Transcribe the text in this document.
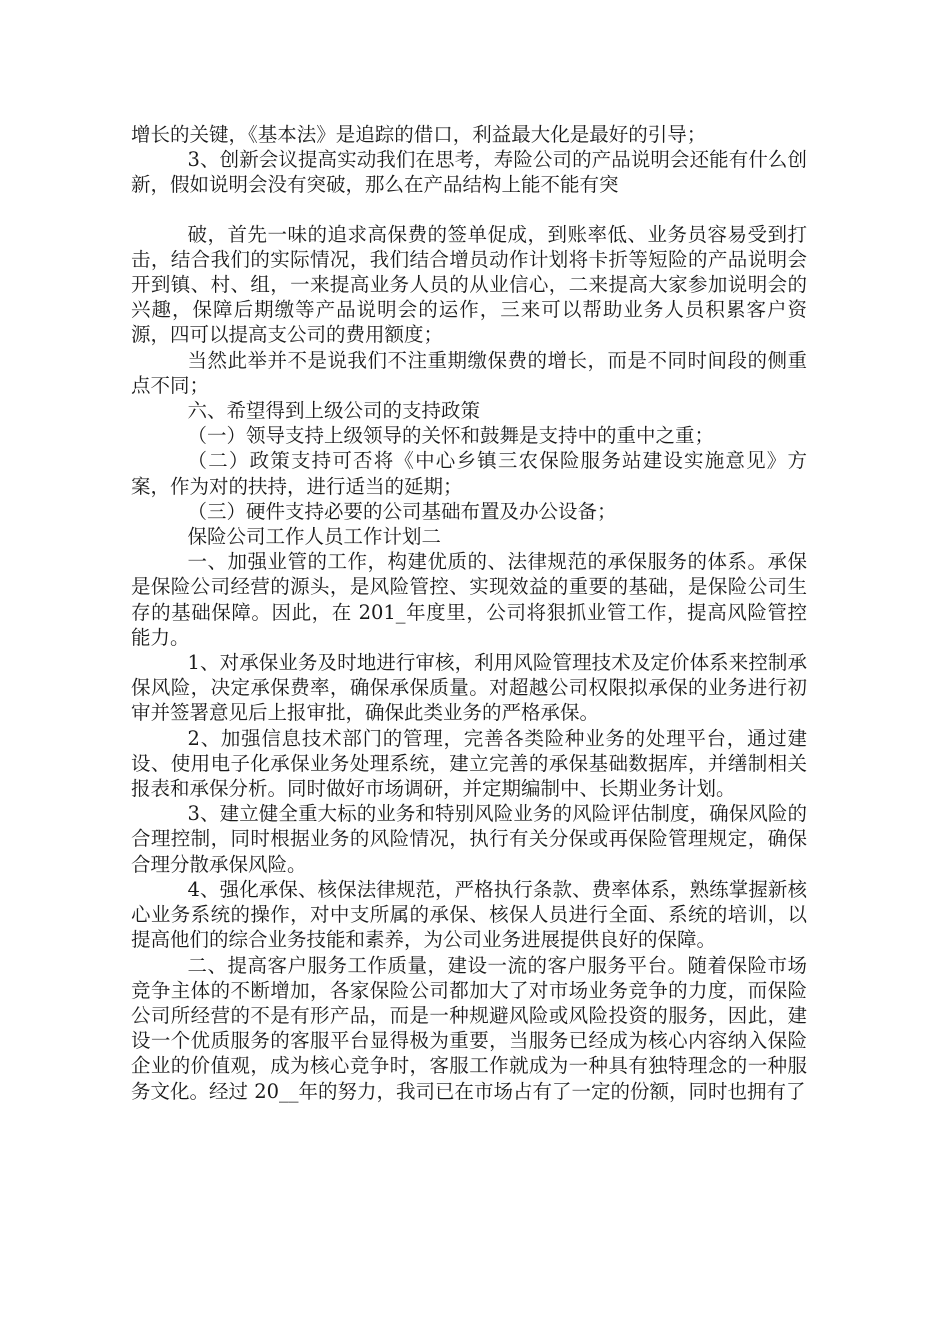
增长的关键，《基本法》是追踪的借口，利益最大化是最好的引导；

3、创新会议提高实动我们在思考，寿险公司的产品说明会还能有什么创新，假如说明会没有突破，那么在产品结构上能不能有突

破，首先一味的追求高保费的签单促成，到账率低、业务员容易受到打击，结合我们的实际情况，我们结合增员动作计划将卡折等短险的产品说明会开到镇、村、组，一来提高业务人员的从业信心，二来提高大家参加说明会的兴趣，保障后期缴等产品说明会的运作，三来可以帮助业务人员积累客户资源，四可以提高支公司的费用额度；

当然此举并不是说我们不注重期缴保费的增长，而是不同时间段的侧重点不同；

六、希望得到上级公司的支持政策

（一）领导支持上级领导的关怀和鼓舞是支持中的重中之重；

（二）政策支持可否将《中心乡镇三农保险服务站建设实施意见》方案，作为对的扶持，进行适当的延期；

（三）硬件支持必要的公司基础布置及办公设备；

保险公司工作人员工作计划二

一、加强业管的工作，构建优质的、法律规范的承保服务的体系。承保是保险公司经营的源头，是风险管控、实现效益的重要的基础，是保险公司生存的基础保障。因此，在 201_年度里，公司将狠抓业管工作，提高风险管控能力。

1、对承保业务及时地进行审核，利用风险管理技术及定价体系来控制承保风险，决定承保费率，确保承保质量。对超越公司权限拟承保的业务进行初审并签署意见后上报审批，确保此类业务的严格承保。

2、加强信息技术部门的管理，完善各类险种业务的处理平台，通过建设、使用电子化承保业务处理系统，建立完善的承保基础数据库，并缮制相关报表和承保分析。同时做好市场调研，并定期编制中、长期业务计划。

3、建立健全重大标的业务和特别风险业务的风险评估制度，确保风险的合理控制，同时根据业务的风险情况，执行有关分保或再保险管理规定，确保合理分散承保风险。

4、强化承保、核保法律规范，严格执行条款、费率体系，熟练掌握新核心业务系统的操作，对中支所属的承保、核保人员进行全面、系统的培训，以提高他们的综合业务技能和素养，为公司业务进展提供良好的保障。

二、提高客户服务工作质量，建设一流的客户服务平台。随着保险市场竞争主体的不断增加，各家保险公司都加大了对市场业务竞争的力度，而保险公司所经营的不是有形产品，而是一种规避风险或风险投资的服务，因此，建设一个优质服务的客服平台显得极为重要，当服务已经成为核心内容纳入保险企业的价值观，成为核心竞争时，客服工作就成为一种具有独特理念的一种服务文化。经过 20__年的努力，我司已在市场占有了一定的份额，同时也拥有了
